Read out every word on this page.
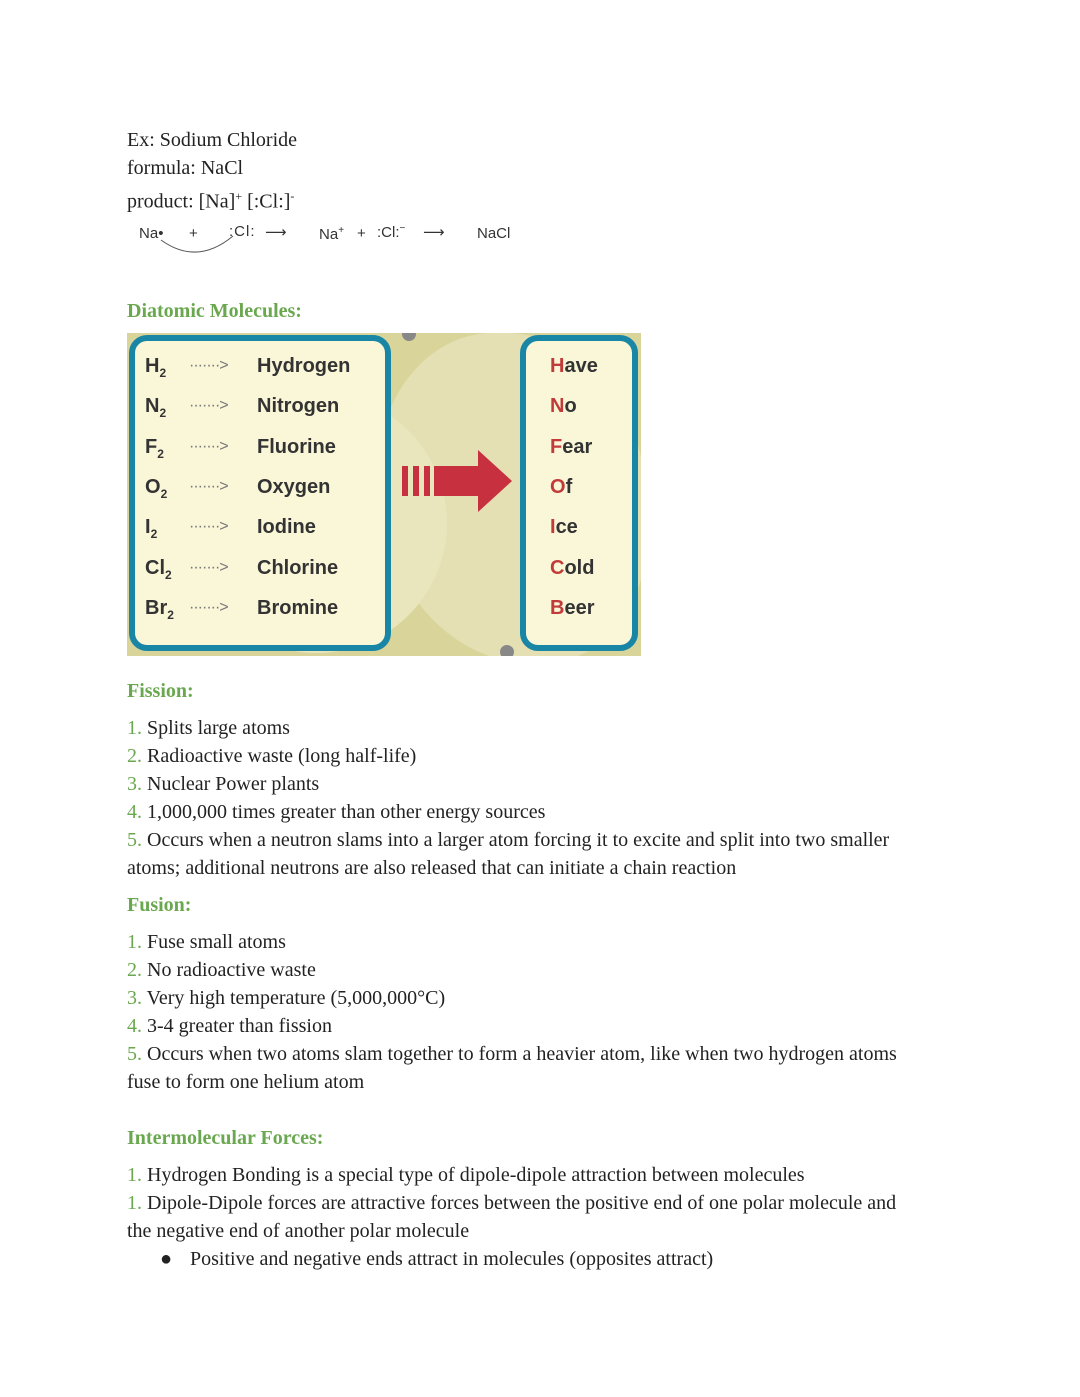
Ex: Sodium Chloride
formula: NaCl
product: [Na]+ [:Cl:]-
Na• + :Cl: ⟶ Na+ + :Cl:− ⟶ NaCl
Diatomic Molecules:
$H_2$	·······> Hydrogen	Have
$N_2$	·······> Nitrogen	No
$F_2$	·······> Fluorine	Fear
$O_2$	·······> Oxygen	Of
$I_2$	·······> Iodine	Ice
$Cl_2$	·······> Chlorine	Cold
$Br_2$ ·······> Bromine	Beer
Fission:
1. Splits large atoms
2. Radioactive waste (long half-life)
3. Nuclear Power plants
4. 1,000,000 times greater than other energy sources
5. Occurs when a neutron slams into a larger atom forcing it to excite and split into two smaller
atoms; additional neutrons are also released that can initiate a chain reaction
Fusion:
1. Fuse small atoms
2. No radioactive waste
3. Very high temperature (5,000,000°C)
4. 3-4 greater than fission
5. Occurs when two atoms slam together to form a heavier atom, like when two hydrogen atoms
fuse to form one helium atom
Intermolecular Forces:
1. Hydrogen Bonding is a special type of dipole-dipole attraction between molecules
1. Dipole-Dipole forces are attractive forces between the positive end of one polar molecule and
the negative end of another polar molecule
● Positive and negative ends attract in molecules (opposites attract)
